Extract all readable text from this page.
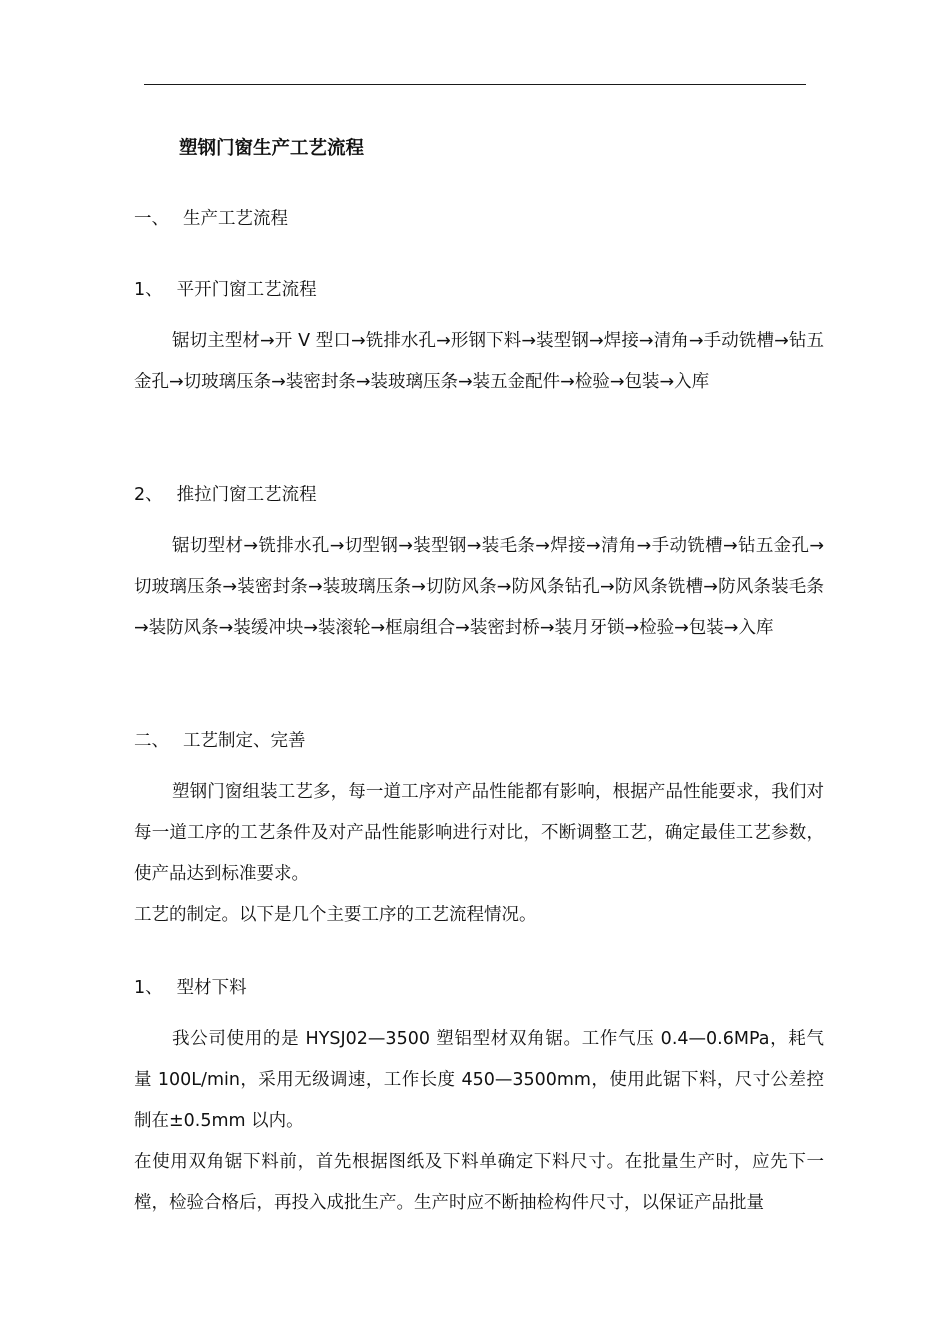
塑钢门窗生产工艺流程
一、 生产工艺流程
1、 平开门窗工艺流程

锯切主型材→开 V 型口→铣排水孔→形钢下料→装型钢→焊接→清角→手动铣槽→钻五金孔→切玻璃压条→装密封条→装玻璃压条→装五金配件→检验→包装→入库

2、 推拉门窗工艺流程

锯切型材→铣排水孔→切型钢→装型钢→装毛条→焊接→清角→手动铣槽→钻五金孔→切玻璃压条→装密封条→装玻璃压条→切防风条→防风条钻孔→防风条铣槽→防风条装毛条→装防风条→装缓冲块→装滚轮→框扇组合→装密封桥→装月牙锁→检验→包装→入库

二、 工艺制定、完善

塑钢门窗组装工艺多，每一道工序对产品性能都有影响，根据产品性能要求，我们对每一道工序的工艺条件及对产品性能影响进行对比，不断调整工艺，确定最佳工艺参数，使产品达到标准要求。

工艺的制定。以下是几个主要工序的工艺流程情况。

1、 型材下料

我公司使用的是 HYSJ02—3500 塑铝型材双角锯。工作气压 0.4—0.6MPa，耗气量 100L/min，采用无级调速，工作长度 450—3500mm，使用此锯下料，尺寸公差控制在±0.5mm 以内。

在使用双角锯下料前，首先根据图纸及下料单确定下料尺寸。在批量生产时，应先下一樘，检验合格后，再投入成批生产。生产时应不断抽检构件尺寸，以保证产品批量
